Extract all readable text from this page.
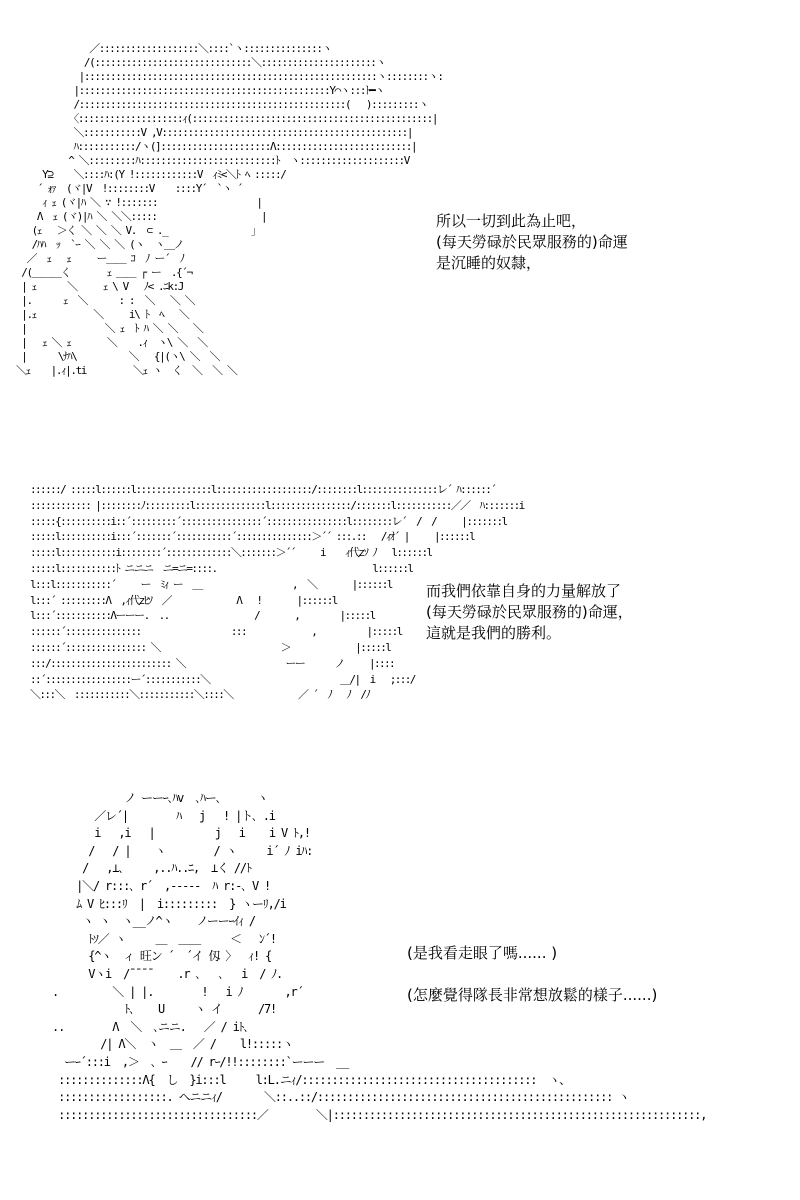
／:::::::::::::::::::＼::::`ヽ:::::::::::::::ヽ
/(::::::::::::::::::::::::::::::＼::::::::::::::::::::::ヽ
|::::::::::::::::::::::::::::::::::::::::::::::::::::::::ヽ::::::::ヽ:
|::::::::::::::::::::::::::::::::::::::::::::::::Y⌒ヽ:::ﾄ━ヽ
/:::::::::::::::::::::::::::::::::::::::::::::::::::(   ):::::::::ヽ
〈::::::::::::::::::::ｨ(::::::::::::::::::::::::::::::::::::::::::::::|
＼:::::::::::V ,V:::::::::::::::::::::::::::::::::::::::::::::::|
ﾊ:::::::::::/ヽ(]:::::::::::::::::::::Λ::::::::::::::::::::::::::|
^ ＼:::::::::ﾊ::::::::::::::::::::::::::ﾄ  ヽ::::::::::::::::::::V
Y⊇    ＼::::ﾊ:(Y !::::::::::::V  ｨﾐ<＼ﾄ ﾍ :::::/
´ ｫｧ  (ヾ|V  !::::::::V    ::::Y´  `ヽ ´
ｨ ｪ (ヾ|ﾊ ＼ ∵ !:::::::                   |
Λ  ｪ (ヾ)|ﾊ ＼ ＼＼:::::                    |
(ｪ   ＞く ＼ ＼ ＼ V.  ⊂ ._                ｣
/ﾊﾊ  ｯ  `ｰ ＼ ＼ ＼ (ヽ  ヽ＿ノ
／  ｪ   ｪ     ー＿＿ ｺ  ﾉ ー´  ﾉ
/(＿＿＿く       ｪ ＿＿ ┌ ー  .{´¬
| ｪ      ＼     ｪ \ V   ﾉ< .ﾆk:J
|.      ｪ  ＼      : :  ＼   ＼ ＼
|.ｪ           ＼     i\ ﾄ  ﾍ   ＼
|               ＼ ｪ  ﾄ ﾊ ＼ ＼   ＼
|   ｪ ＼ ｪ       ＼    .ｨ  ヽ\ ＼  ＼
|      \ﾅﾊ\          ＼   {|(ヽ\ ＼  ＼
＼ｪ    |.ｨ|.ti         ＼ｪ ヽ  く  ＼  ＼ ＼

所以一切到此為止吧，
(每天勞碌於民眾服務的)命運
是沉睡的奴隸，
::::::/ :::::l::::::l:::::::::::::::l:::::::::::::::::::/::::::::l:::::::::::::::レ´ ﾊ::::::´
:::::::::::: |::::::::ﾉ:::::::::l::::::::::::::l::::::::::::::::/:::::::l:::::::::::／／  ﾊ:::::::i
:::::{::::::::::i::´:::::::::´::::::::::::::::´::::::::::::::::l::::::::レ´  /  /     |:::::::l
:::::l::::::::::i:::´:::::::´:::::::::::´:::::::::::::::＞´´ :::.::   /ｨｵ´ |     |::::::l
:::::l:::::::::::i::::::::´:::::::::::::＼:::::::＞´´     i    ｨ代zｿ ﾉ   l::::::l
:::::l:::::::::::ﾄ ニニニ  ニ=ニ=::::.                               l::::::l
l:::l:::::::::::´     ー  ﾐｨ ー  ＿                  ,  ＼       |::::::l
l:::´ :::::::::Λ  ,ｨ代zﾋｿ  ／             Λ   !       |::::::l
l:::´:::::::::::Λーーー.  ..                 /       ,        |:::::l
::::::´:::::::::::::::                  :::             ,          |:::::l
::::::´:::::::::::::::: ＼                        ＞             |:::::l
:::/:::::::::::::::::::::::: ＼                    ーー      ノ     |::::
::´:::::::::::::::::ー´:::::::::::＼                          ＿/|  i   ;:::/
＼:::＼  :::::::::::＼:::::::::::＼::::＼             ／ ´  ﾉ   ﾉ  /ﾉ

而我們依靠自身的力量解放了
(每天勞碌於民眾服務的)命運，
這就是我們的勝利。
ノ ーーｰ､ﾊv  ､ﾊー､      ヽ
／レ´|        ﾊ   j   ! |ト､ .i
i   ,i   |          j   i    i V ﾄ,!
/   / |    ヽ        / ヽ     i´ ﾉ iﾊ:
/   ,⊥､     ,..ﾊ..ﾆ,  ⊥く //ﾄ
|＼/ r:::､ r´  ,-----  ﾊ r:-､ V !
ﾑ V ﾋ:::ﾘ  |  i:::::::::  } ヽーﾘ,/i
ヽ ヽ  ヽ__ノ^ヽ    ノーーｰｲｨ /
ﾄｿ／ ヽ     ＿  ＿＿     ＜   ﾝ´!
{^ヽ  ィ 旺ン ´  ´イ 仭 〉  ｨ! {
Vヽi  /¯¯¯¯    .r ､   ､   i  / ﾉ.
.         ＼ | |.        !   i ﾉ       ,r´
ﾄ､    U     ヽ イ      /7!
..        Λ  ＼  ､ニニ.   ／ / iﾄ､
/| Λ＼  ヽ  ＿  ／ /    l!:::::ヽ
ーｰ´:::i  ,＞  ､ ｰ    // rｰ/!!::::::::`ーーー  __
::::::::::::::Λ{  し  }i:::l     l:L.ニｨ/:::::::::::::::::::::::::::::::::::::::  ヽ、
::::::::::::::::::. ヘニニｨ/       ＼::..::/::::::::::::::::::::::::::::::::::::::::::::::::: ヽ
:::::::::::::::::::::::::::::::::／        ＼|:::::::::::::::::::::::::::::::::::::::::::::::::::::::::::::,

(是我看走眼了嗎...... )
(怎麼覺得隊長非常想放鬆的樣子......)
